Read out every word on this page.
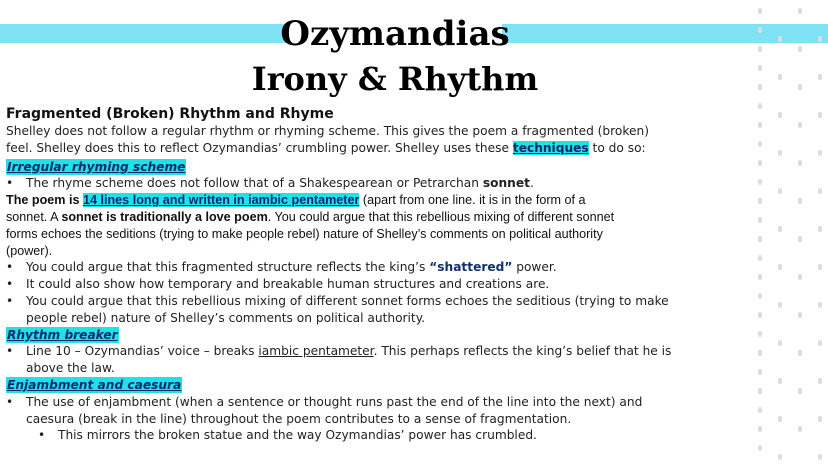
Ozymandias
Irony & Rhythm
Fragmented (Broken) Rhythm and Rhyme
Shelley does not follow a regular rhythm or rhyming scheme. This gives the poem a fragmented (broken)
feel. Shelley does this to reflect Ozymandias’ crumbling power. Shelley uses these techniques to do so:
Irregular rhyming scheme
• The rhyme scheme does not follow that of a Shakespearean or Petrarchan sonnet.
The poem is 14 lines long and written in iambic pentameter (apart from one line. it is in the form of a
sonnet. A sonnet is traditionally a love poem. You could argue that this rebellious mixing of different sonnet
forms echoes the seditions (trying to make people rebel) nature of Shelley’s comments on political authority
(power).
• You could argue that this fragmented structure reflects the king’s “shattered” power.
• It could also show how temporary and breakable human structures and creations are.
• You could argue that this rebellious mixing of different sonnet forms echoes the seditious (trying to make
people rebel) nature of Shelley’s comments on political authority.
Rhythm breaker
• Line 10 – Ozymandias’ voice – breaks iambic pentameter. This perhaps reflects the king’s belief that he is
above the law.
Enjambment and caesura
• The use of enjambment (when a sentence or thought runs past the end of the line into the next) and
caesura (break in the line) throughout the poem contributes to a sense of fragmentation.
• This mirrors the broken statue and the way Ozymandias’ power has crumbled.
